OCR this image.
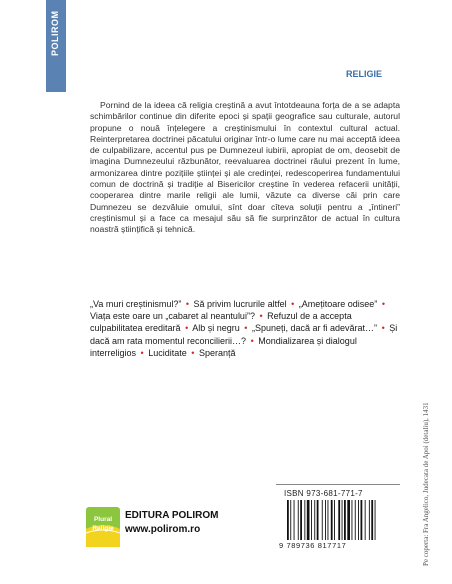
POLIROM
RELIGIE

Pornind de la ideea că religia creștină a avut întotdeauna forța de a se adapta schimbărilor continue din diferite epoci și spații geografice sau culturale, autorul propune o nouă înțelegere a creștinismului în contextul cultural actual. Reinterpretarea doctrinei păcatului originar într-o lume care nu mai acceptă ideea de culpabilizare, accentul pus pe Dumnezeul iubirii, apropiat de om, deosebit de imagina Dumnezeului răzbunător, reevaluarea doctrinei răului prezent în lume, armonizarea dintre pozițiile științei și ale credinței, redescoperirea fundamentului comun de doctrină și tradiție al Bisericilor creștine în vederea refacerii unității, cooperarea dintre marile religii ale lumii, văzute ca diverse căi prin care Dumnezeu se dezvăluie omului, sînt doar cîteva soluții pentru a „întineri” creștinismul și a face ca mesajul său să fie surprinzător de actual în cultura noastră științifică și tehnică.

„Va muri creștinismul?” • Să privim lucrurile altfel • „Amețitoare odisee” • Viața este oare un „cabaret al neantului”? • Refuzul de a accepta culpabilitatea ereditară • Alb și negru • „Spuneți, dacă ar fi adevărat…” • Și dacă am rata momentul reconcilierii…? • Mondializarea și dialogul interreligios • Luciditate • Speranță
Plural
Religie
EDITURA POLIROM
www.polirom.ro
ISBN 973-681-771-7
9 789736 817717	Pe coperta: Fra Angelico, Judecata de Apoi (detaliu), 1431
